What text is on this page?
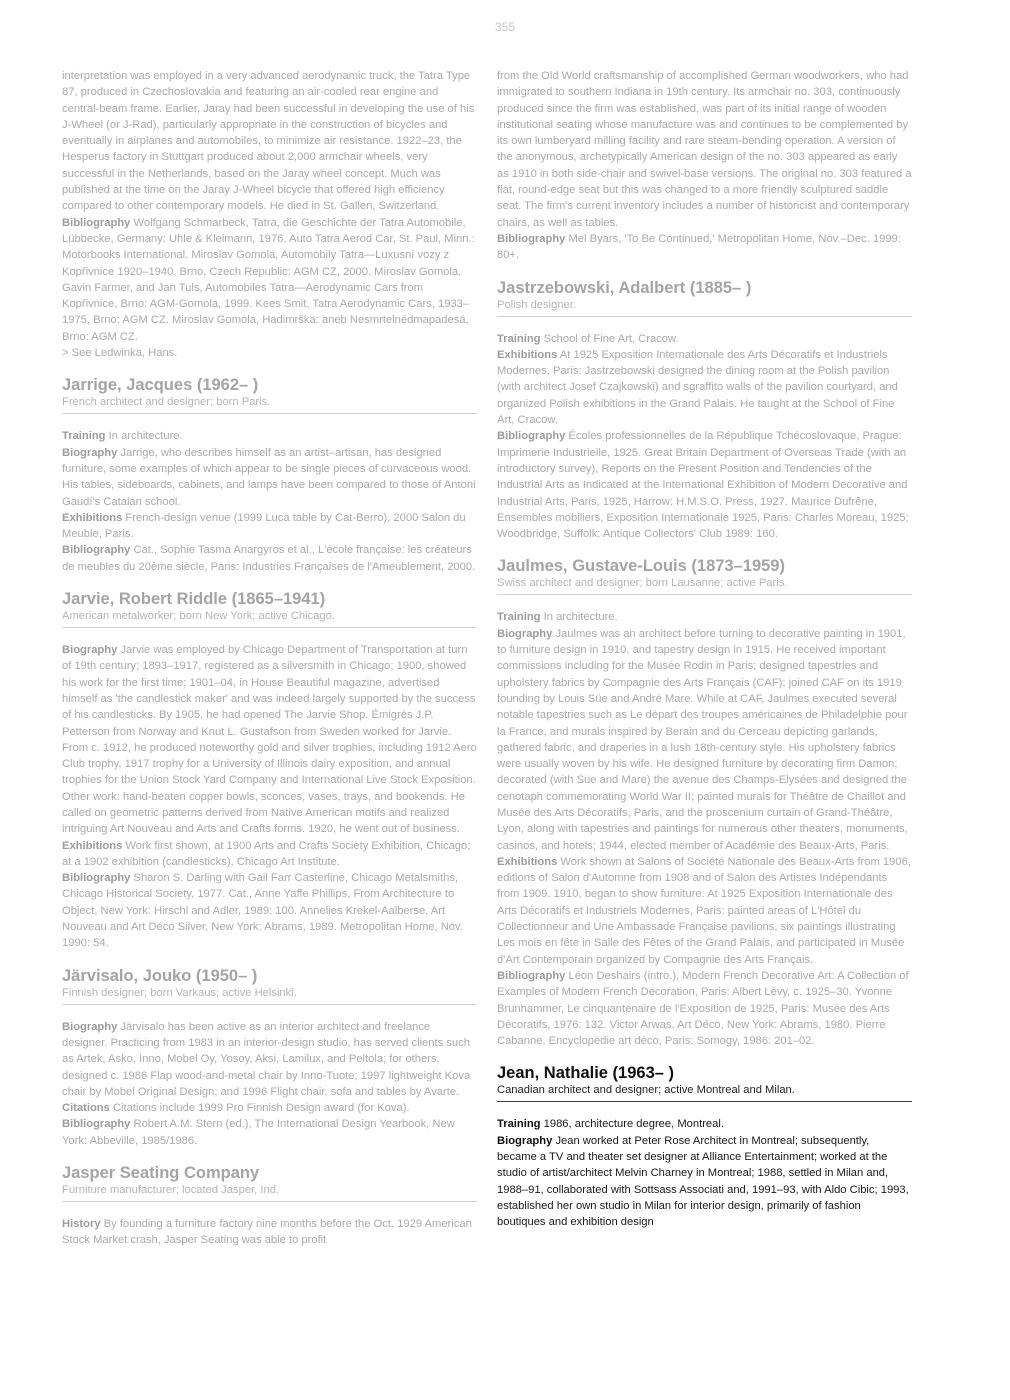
355

interpretation was employed in a very advanced aerodynamic truck, the Tatra Type 87, produced in Czechoslovakia and featuring an air-cooled rear engine and central-beam frame. Earlier, Jaray had been successful in developing the use of his J-Wheel (or J-Rad), particularly appropriate in the construction of bicycles and eventually in airplanes and automobiles, to minimize air resistance. 1922–23, the Hesperus factory in Stuttgart produced about 2,000 armchair wheels, very successful in the Netherlands, based on the Jaray wheel concept. Much was published at the time on the Jaray J-Wheel bicycle that offered high efficiency compared to other contemporary models. He died in St. Gallen, Switzerland.

Bibliography Wolfgang Schmarbeck, Tatra, die Geschichte der Tatra Automobile, Lübbecke, Germany: Uhle & Kleimann, 1976. Auto Tatra Aerod Car, St. Paul, Minn.: Motorbooks International. Miroslav Gomola, Automobily Tatra—Luxusní vozy z Kopřivnice 1920–1940, Brno, Czech Republic: AGM CZ, 2000. Miroslav Gomola, Gavin Farmer, and Jan Tuls, Automobiles Tatra—Aerodynamic Cars from Kopřivnice, Brno: AGM-Gomola, 1999. Kees Smit, Tatra Aerodynamic Cars, 1933–1975, Brno: AGM CZ. Miroslav Gomola, Hadimrška: aneb Nesmrtelnédmapadesá, Brno: AGM CZ.

> See Ledwinka, Hans.

Jarrige, Jacques (1962– )
French architect and designer; born Paris.

Training In architecture.

Biography Jarrige, who describes himself as an artist–artisan, has designed furniture, some examples of which appear to be single pieces of curvaceous wood. His tables, sideboards, cabinets, and lamps have been compared to those of Antoni Gaudí's Catalan school.

Exhibitions French-design venue (1999 Luca table by Cat-Berro), 2000 Salon du Meuble, Paris.

Bibliography Cat., Sophie Tasma Anargyros et al., L'école française: les créateurs de meubles du 20ème siècle, Paris: Industries Françaises de l'Ameublement, 2000.

Jarvie, Robert Riddle (1865–1941)
American metalworker; born New York; active Chicago.

Biography Jarvie was employed by Chicago Department of Transportation at turn of 19th century; 1893–1917, registered as a silversmith in Chicago; 1900, showed his work for the first time; 1901–04, in House Beautiful magazine, advertised himself as 'the candlestick maker' and was indeed largely supported by the success of his candlesticks. By 1905, he had opened The Jarvie Shop. Émigrés J.P. Petterson from Norway and Knut L. Gustafson from Sweden worked for Jarvie. From c. 1912, he produced noteworthy gold and silver trophies, including 1912 Aero Club trophy, 1917 trophy for a University of Illinois dairy exposition, and annual trophies for the Union Stock Yard Company and International Live Stock Exposition. Other work: hand-beaten copper bowls, sconces, vases, trays, and bookends. He called on geometric patterns derived from Native American motifs and realized intriguing Art Nouveau and Arts and Crafts forms. 1920, he went out of business.

Exhibitions Work first shown, at 1900 Arts and Crafts Society Exhibition, Chicago; at a 1902 exhibition (candlesticks), Chicago Art Institute.

Bibliography Sharon S. Darling with Gail Farr Casterline, Chicago Metalsmiths, Chicago Historical Society, 1977. Cat., Anne Yaffe Phillips, From Architecture to Object, New York: Hirschl and Adler, 1989: 100. Annelies Krekel-Aalberse, Art Nouveau and Art Déco Silver, New York: Abrams, 1989. Metropolitan Home, Nov. 1990: 54.

Järvisalo, Jouko (1950– )
Finnish designer; born Varkaus; active Helsinki.

Biography Järvisalo has been active as an interior architect and freelance designer. Practicing from 1983 in an interior-design studio, has served clients such as Artek, Asko, Inno, Mobel Oy, Yosoy, Aksi, Lamilux, and Peltola; for others, designed c. 1986 Flap wood-and-metal chair by Inno-Tuote; 1997 lightweight Kova chair by Mobel Original Design; and 1996 Flight chair, sofa and tables by Avarte.

Citations Citations include 1999 Pro Finnish Design award (for Kova).

Bibliography Robert A.M. Stern (ed.), The International Design Yearbook, New York: Abbeville, 1985/1986.

Jasper Seating Company
Furniture manufacturer; located Jasper, Ind.

History By founding a furniture factory nine months before the Oct. 1929 American Stock Market crash, Jasper Seating was able to profit

from the Old World craftsmanship of accomplished German woodworkers, who had immigrated to southern Indiana in 19th century. Its armchair no. 303, continuously produced since the firm was established, was part of its initial range of wooden institutional seating whose manufacture was and continues to be complemented by its own lumberyard milling facility and rare steam-bending operation. A version of the anonymous, archetypically American design of the no. 303 appeared as early as 1910 in both side-chair and swivel-base versions. The original no. 303 featured a flat, round-edge seat but this was changed to a more friendly sculptured saddle seat. The firm's current inventory includes a number of historicist and contemporary chairs, as well as tables.

Bibliography Mel Byars, 'To Be Continued,' Metropolitan Home, Nov.–Dec. 1999: 80+.

Jastrzebowski, Adalbert (1885– )
Polish designer.

Training School of Fine Art, Cracow.

Exhibitions At 1925 Exposition Internationale des Arts Décoratifs et Industriels Modernes, Paris: Jastrzebowski designed the dining room at the Polish pavilion (with architect Josef Czajkowski) and sgraffito walls of the pavilion courtyard, and organized Polish exhibitions in the Grand Palais. He taught at the School of Fine Art, Cracow.

Bibliography Écoles professionnelles de la République Tchécoslovaque, Prague: Imprimerie Industrielle, 1925. Great Britain Department of Overseas Trade (with an introductory survey), Reports on the Present Position and Tendencies of the Industrial Arts as Indicated at the International Exhibition of Modern Decorative and Industrial Arts, Paris, 1925, Harrow: H.M.S.O. Press, 1927. Maurice Dufrêne, Ensembles mobiliers, Exposition Internationale 1925, Paris: Charles Moreau, 1925; Woodbridge, Suffolk: Antique Collectors' Club 1989: 160.

Jaulmes, Gustave-Louis (1873–1959)
Swiss architect and designer; born Lausanne; active Paris.

Training In architecture.

Biography Jaulmes was an architect before turning to decorative painting in 1901, to furniture design in 1910, and tapestry design in 1915. He received important commissions including for the Musée Rodin in Paris; designed tapestries and upholstery fabrics by Compagnie des Arts Français (CAF); joined CAF on its 1919 founding by Louis Süe and André Mare. While at CAF, Jaulmes executed several notable tapestries such as Le départ des troupes américaines de Philadelphie pour la France, and murals inspired by Berain and du Cerceau depicting garlands, gathered fabric, and draperies in a lush 18th-century style. His upholstery fabrics were usually woven by his wife. He designed furniture by decorating firm Damon; decorated (with Süe and Mare) the avenue des Champs-Elysées and designed the cenotaph commemorating World War II; painted murals for Théâtre de Chaillot and Musée des Arts Décoratifs, Paris, and the proscenium curtain of Grand-Théâtre, Lyon, along with tapestries and paintings for numerous other theaters, monuments, casinos, and hotels; 1944, elected member of Académie des Beaux-Arts, Paris.

Exhibitions Work shown at Salons of Société Nationale des Beaux-Arts from 1906, editions of Salon d'Automne from 1908 and of Salon des Artistes Indépendants from 1909. 1910, began to show furniture. At 1925 Exposition Internationale des Arts Décoratifs et Industriels Modernes, Paris: painted areas of L'Hôtel du Collectionneur and Une Ambassade Française pavilions, six paintings illustrating Les mois en fête in Salle des Fêtes of the Grand Palais, and participated in Musée d'Art Contemporain organized by Compagnie des Arts Français.

Bibliography Léon Deshairs (intro.), Modern French Decorative Art: A Collection of Examples of Modern French Decoration, Paris: Albert Lévy, c. 1925–30. Yvonne Brunhammer, Le cinquantenaire de l'Exposition de 1925, Paris: Musée des Arts Décoratifs, 1976: 132. Victor Arwas, Art Déco, New York: Abrams, 1980. Pierre Cabanne, Encyclopédie art déco, Paris: Somogy, 1986: 201–02.

Jean, Nathalie (1963– )
Canadian architect and designer; active Montreal and Milan.

Training 1986, architecture degree, Montreal.

Biography Jean worked at Peter Rose Architect in Montreal; subsequently, became a TV and theater set designer at Alliance Entertainment; worked at the studio of artist/architect Melvin Charney in Montreal; 1988, settled in Milan and, 1988–91, collaborated with Sottsass Associati and, 1991–93, with Aldo Cibic; 1993, established her own studio in Milan for interior design, primarily of fashion boutiques and exhibition design
